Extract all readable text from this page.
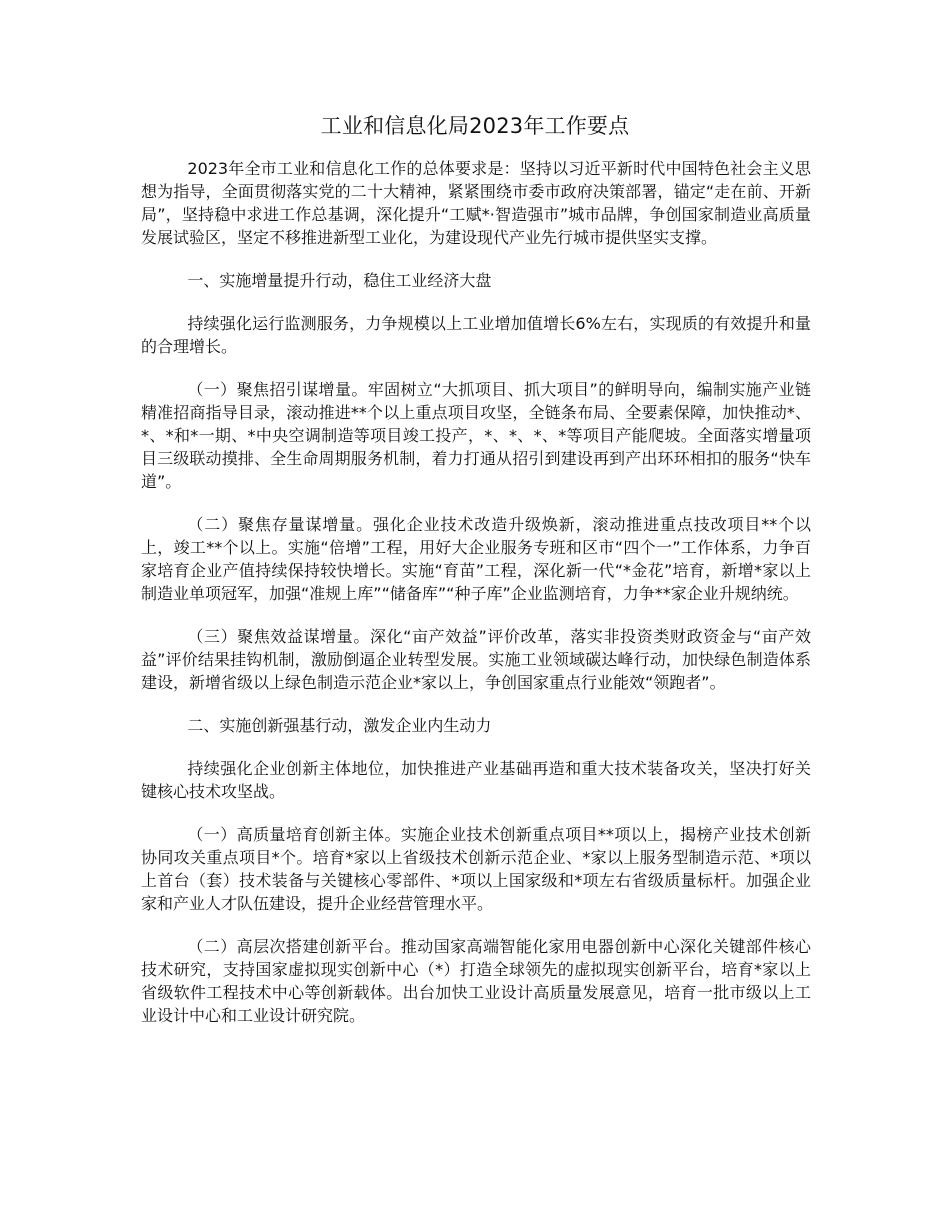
工业和信息化局2023年工作要点

2023年全市工业和信息化工作的总体要求是：坚持以习近平新时代中国特色社会主义思想为指导，全面贯彻落实党的二十大精神，紧紧围绕市委市政府决策部署，锚定“走在前、开新局”，坚持稳中求进工作总基调，深化提升“工赋*·智造强市”城市品牌，争创国家制造业高质量发展试验区，坚定不移推进新型工业化，为建设现代产业先行城市提供坚实支撑。

一、实施增量提升行动，稳住工业经济大盘

持续强化运行监测服务，力争规模以上工业增加值增长6%左右，实现质的有效提升和量的合理增长。

（一）聚焦招引谋增量。牢固树立“大抓项目、抓大项目”的鲜明导向，编制实施产业链精准招商指导目录，滚动推进**个以上重点项目攻坚，全链条布局、全要素保障，加快推动*、*、*和*一期、*中央空调制造等项目竣工投产，*、*、*、*等项目产能爬坡。全面落实增量项目三级联动摸排、全生命周期服务机制，着力打通从招引到建设再到产出环环相扣的服务“快车道”。

（二）聚焦存量谋增量。强化企业技术改造升级焕新，滚动推进重点技改项目**个以上，竣工**个以上。实施“倍增”工程，用好大企业服务专班和区市“四个一”工作体系，力争百家培育企业产值持续保持较快增长。实施“育苗”工程，深化新一代“*金花”培育，新增*家以上制造业单项冠军，加强“准规上库”“储备库”“种子库”企业监测培育，力争**家企业升规纳统。

（三）聚焦效益谋增量。深化“亩产效益”评价改革，落实非投资类财政资金与“亩产效益”评价结果挂钩机制，激励倒逼企业转型发展。实施工业领域碳达峰行动，加快绿色制造体系建设，新增省级以上绿色制造示范企业*家以上，争创国家重点行业能效“领跑者”。

二、实施创新强基行动，激发企业内生动力

持续强化企业创新主体地位，加快推进产业基础再造和重大技术装备攻关，坚决打好关键核心技术攻坚战。

（一）高质量培育创新主体。实施企业技术创新重点项目**项以上，揭榜产业技术创新协同攻关重点项目*个。培育*家以上省级技术创新示范企业、*家以上服务型制造示范、*项以上首台（套）技术装备与关键核心零部件、*项以上国家级和*项左右省级质量标杆。加强企业家和产业人才队伍建设，提升企业经营管理水平。

（二）高层次搭建创新平台。推动国家高端智能化家用电器创新中心深化关键部件核心技术研究，支持国家虚拟现实创新中心（*）打造全球领先的虚拟现实创新平台，培育*家以上省级软件工程技术中心等创新载体。出台加快工业设计高质量发展意见，培育一批市级以上工业设计中心和工业设计研究院。
